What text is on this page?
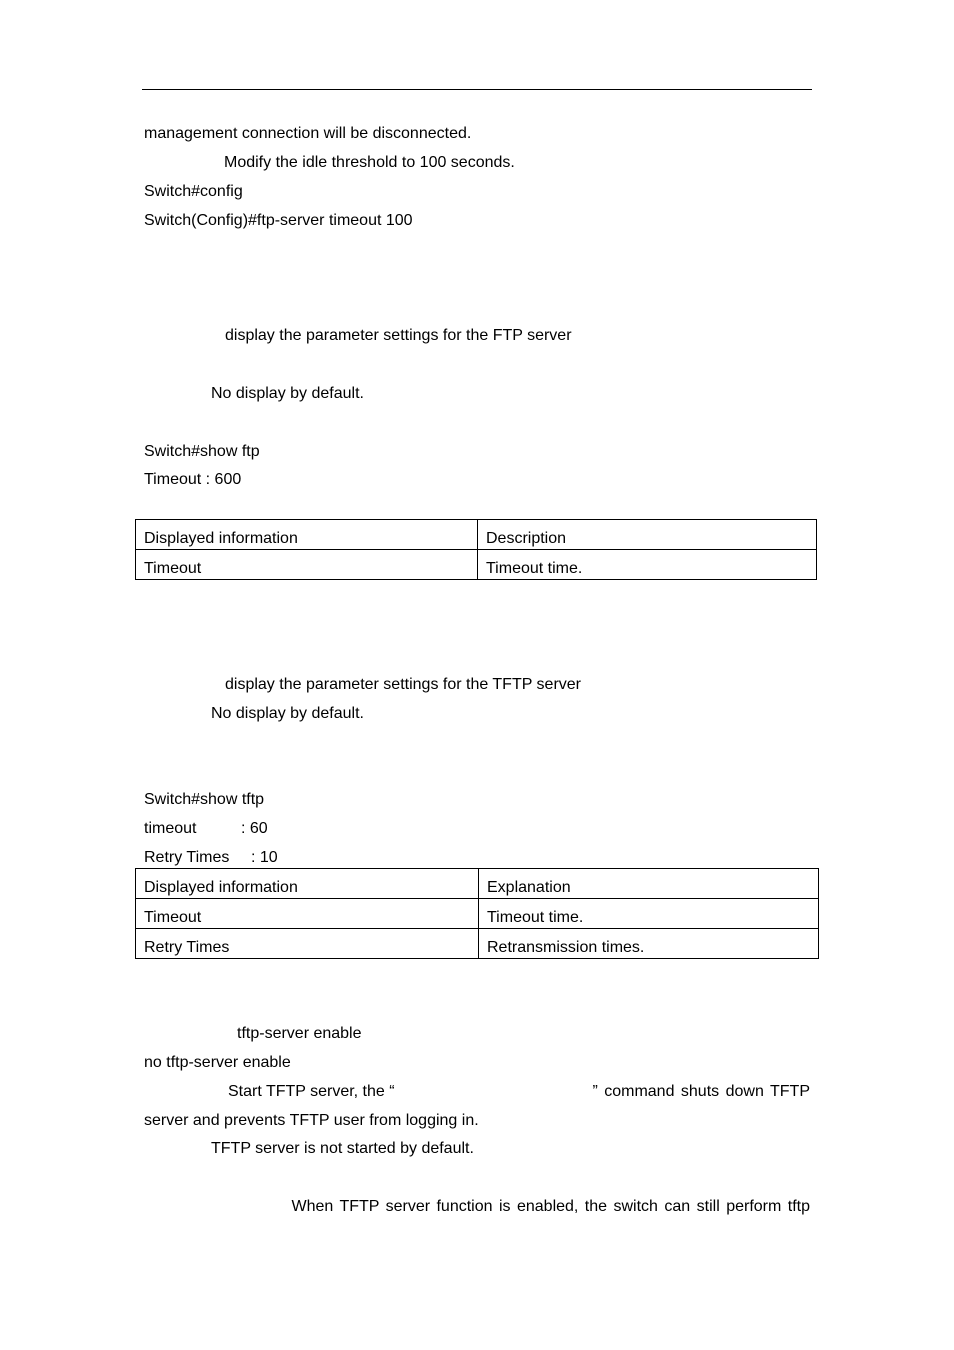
management connection will be disconnected.
Modify the idle threshold to 100 seconds.
Switch#config
Switch(Config)#ftp-server timeout 100
display the parameter settings for the FTP server
No display by default.
Switch#show ftp
Timeout : 600
Displayed information	Description
Timeout	Timeout time.
display the parameter settings for the TFTP server
No display by default.
Switch#show tftp
timeout	: 60
Retry Times : 10
Displayed information	Explanation
Timeout	Timeout time.
Retry Times	Retransmission times.
tftp-server enable
no tftp-server enable
Start TFTP server, the “	” command shuts down TFTP
server and prevents TFTP user from logging in.
TFTP server is not started by default.
When TFTP server function is enabled, the switch can still perform tftp
